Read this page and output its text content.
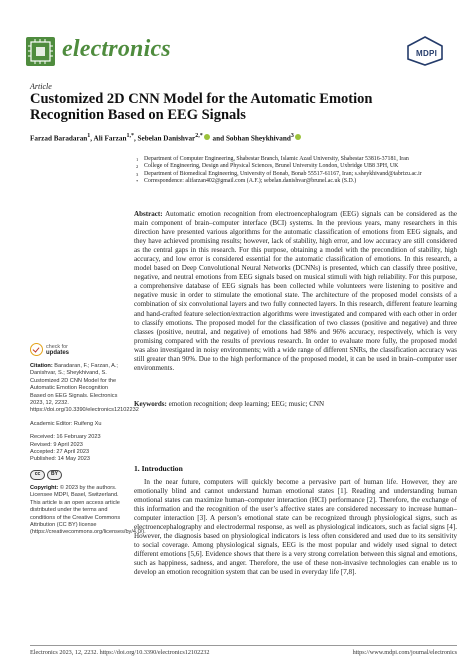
electronics	MDPI
Article
Customized 2D CNN Model for the Automatic Emotion Recognition Based on EEG Signals
Farzad Baradaran$^1$, Ali Farzan$^{1,*}$, Sebelan Danishvar$^{2,*}$ and Sobhan Sheykhivand$^3$
1 Department of Computer Engineering, Shabestar Branch, Islamic Azad University, Shabestar 53816-37181, Iran
2 College of Engineering, Design and Physical Sciences, Brunel University London, Uxbridge UB8 3PH, UK
3 Department of Biomedical Engineering, University of Bonab, Bonab 55517-61167, Iran; s.sheykhivand@tabrizu.ac.ir
* Correspondence: alifarzan402@gmail.com (A.F.); sebelan.danishvar@brunel.ac.uk (S.D.)
Abstract: Automatic emotion recognition from electroencephalogram (EEG) signals can be considered as the main component of brain–computer interface (BCI) systems. In the previous years, many researchers in this direction have presented various algorithms for the automatic classification of emotions from EEG signals, and they have achieved promising results; however, lack of stability, high error, and low accuracy are still considered as the central gaps in this research. For this purpose, obtaining a model with the precondition of stability, high accuracy, and low error is considered essential for the automatic classification of emotions. In this research, a model based on Deep Convolutional Neural Networks (DCNNs) is presented, which can classify three positive, negative, and neutral emotions from EEG signals based on musical stimuli with high reliability. For this purpose, a comprehensive database of EEG signals has been collected while volunteers were listening to positive and negative music in order to stimulate the emotional state. The architecture of the proposed model consists of a combination of six convolutional layers and two fully connected layers. In this research, different feature learning and hand-crafted feature selection/extraction algorithms were investigated and compared with each other in order to classify emotions. The proposed model for the classification of two classes (positive and negative) and three classes (positive, neutral, and negative) of emotions had 98% and 96% accuracy, respectively, which is very promising compared with the results of previous research. In order to evaluate more fully, the proposed model was also investigated in noisy environments; with a wide range of different SNRs, the classification accuracy was still greater than 90%. Due to the high performance of the proposed model, it can be used in brain–computer user environments.
Keywords: emotion recognition; deep learning; EEG; music; CNN
check for
updates
Citation: Baradaran, F.; Farzan, A.; Danishvar, S.; Sheykhivand, S. Customized 2D CNN Model for the Automatic Emotion Recognition Based on EEG Signals. Electronics 2023, 12, 2232. https://doi.org/10.3390/electronics12102232
Academic Editor: Ruifeng Xu
Received: 16 February 2023
Revised: 9 April 2023
Accepted: 27 April 2023
Published: 14 May 2023
cc	BY
Copyright: © 2023 by the authors. Licensee MDPI, Basel, Switzerland. This article is an open access article distributed under the terms and conditions of the Creative Commons Attribution (CC BY) license (https://creativecommons.org/licenses/by/4.0/).
1. Introduction
In the near future, computers will quickly become a pervasive part of human life. However, they are emotionally blind and cannot understand human emotional states [1]. Reading and understanding human emotional states can maximize human–computer interaction (HCI) performance [2]. Therefore, the exchange of this information and the recognition of the user’s affective states are considered necessary to increase human–computer interaction [3]. A person’s emotional state can be recognized through physiological signs, such as electroencephalography and electrodermal response, as well as physiological indicators, such as facial signs [4]. However, the diagnosis based on physiological indicators is less often considered and used due to its sensitivity to social coverage. Among physiological signals, EEG is the most popular and widely used signal to detect different emotions [5,6]. Evidence shows that there is a very strong correlation between this signal and emotions, such as happiness, sadness, and anger. Therefore, the use of these non-invasive technologies can enable us to develop an emotion recognition system that can be used in everyday life [7,8].
Electronics 2023, 12, 2232. https://doi.org/10.3390/electronics12102232	https://www.mdpi.com/journal/electronics
